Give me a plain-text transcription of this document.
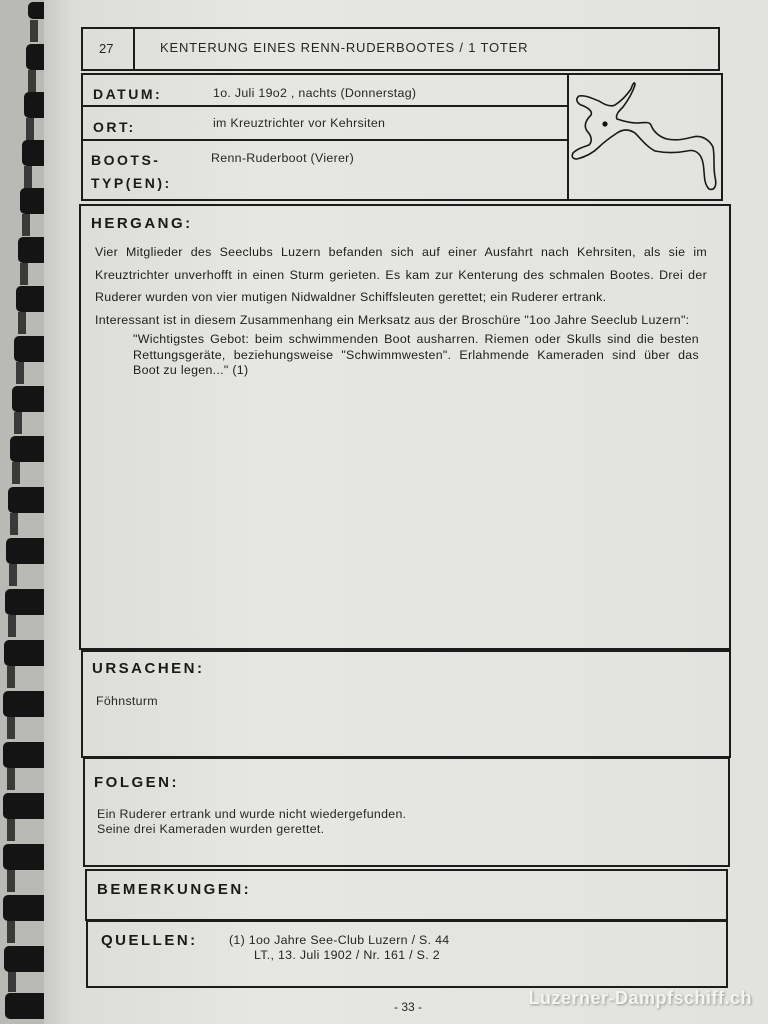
27	KENTERUNG EINES RENN-RUDERBOOTES / 1 TOTER
DATUM:	1o. Juli 19o2 , nachts (Donnerstag)
ORT:	im Kreuztrichter vor Kehrsiten
BOOTS-
TYP(EN):
Renn-Ruderboot (Vierer)
HERGANG:

Vier Mitglieder des Seeclubs Luzern befanden sich auf einer Ausfahrt nach Kehrsiten, als sie im Kreuztrichter unverhofft in einen Sturm gerieten. Es kam zur Kenterung des schmalen Bootes. Drei der Ruderer wurden von vier mutigen Nidwaldner Schiffsleuten gerettet; ein Ruderer ertrank.

Interessant ist in diesem Zusammenhang ein Merksatz aus der Broschüre "1oo Jahre Seeclub Luzern":

"Wichtigstes Gebot: beim schwimmenden Boot ausharren. Riemen oder Skulls sind die besten Rettungsgeräte, beziehungsweise "Schwimmwesten". Erlahmende Kameraden sind über das Boot zu legen..." (1)

URSACHEN:
Föhnsturm
FOLGEN:
Ein Ruderer ertrank und wurde nicht wiedergefunden.
Seine drei Kameraden wurden gerettet.
BEMERKUNGEN:
QUELLEN:	(1) 1oo Jahre See-Club Luzern / S. 44
LT., 13. Juli 1902 / Nr. 161 / S. 2
- 33 -	Luzerner-Dampfschiff.ch
